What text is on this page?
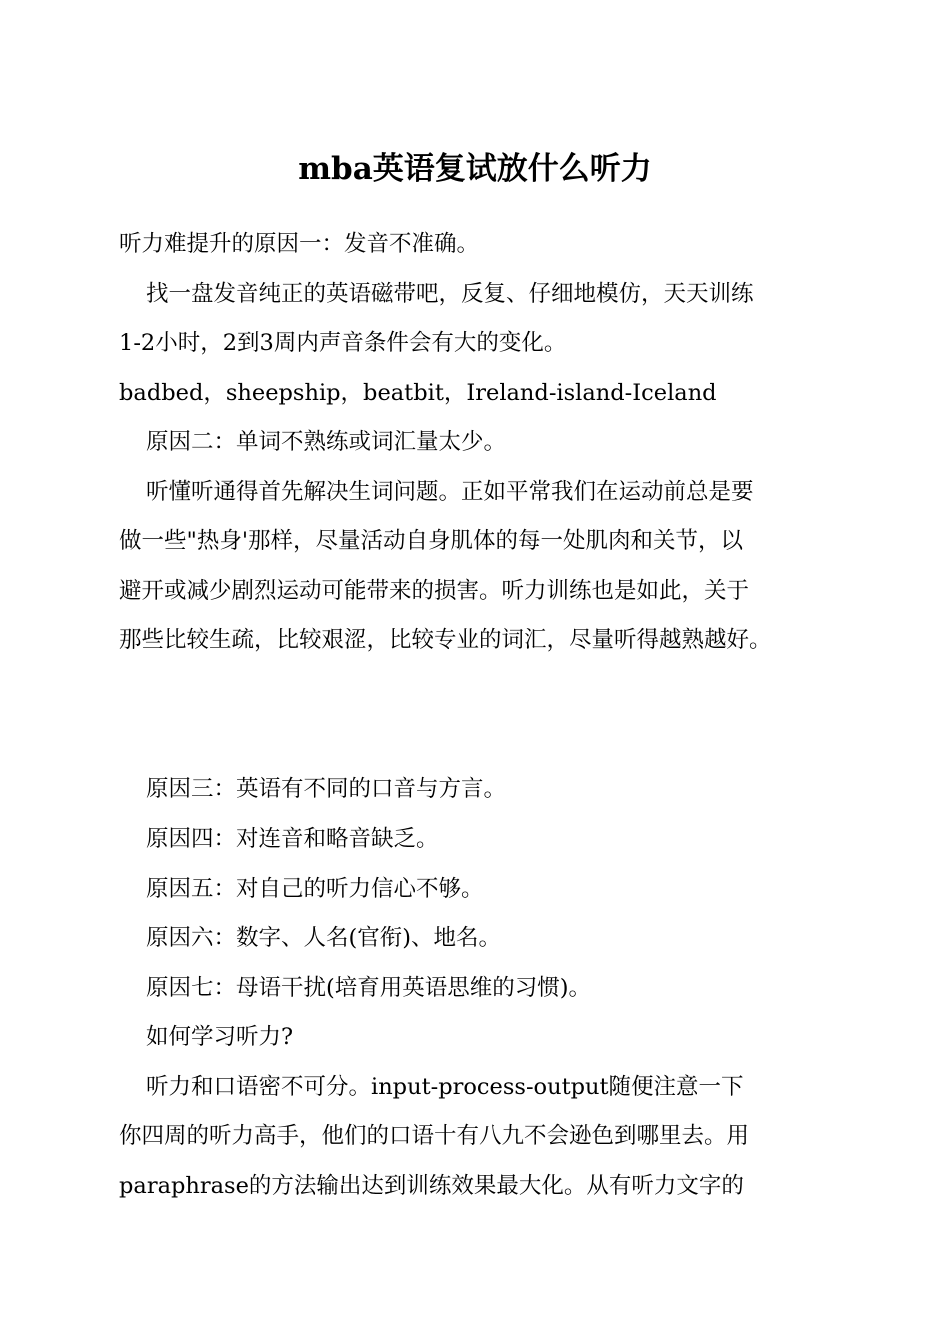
mba英语复试放什么听力
听力难提升的原因一：发音不准确。
找一盘发音纯正的英语磁带吧，反复、仔细地模仿，天天训练
1-2小时，2到3周内声音条件会有大的变化。
badbed，sheepship，beatbit，Ireland-island-Iceland
原因二：单词不熟练或词汇量太少。
听懂听通得首先解决生词问题。正如平常我们在运动前总是要
做一些"热身'那样，尽量活动自身肌体的每一处肌肉和关节，以
避开或减少剧烈运动可能带来的损害。听力训练也是如此，关于
那些比较生疏，比较艰涩，比较专业的词汇，尽量听得越熟越好。
原因三：英语有不同的口音与方言。
原因四：对连音和略音缺乏。
原因五：对自己的听力信心不够。
原因六：数字、人名(官衔)、地名。
原因七：母语干扰(培育用英语思维的习惯)。
如何学习听力?
听力和口语密不可分。input-process-output随便注意一下
你四周的听力高手，他们的口语十有八九不会逊色到哪里去。用
paraphrase的方法输出达到训练效果最大化。从有听力文字的
